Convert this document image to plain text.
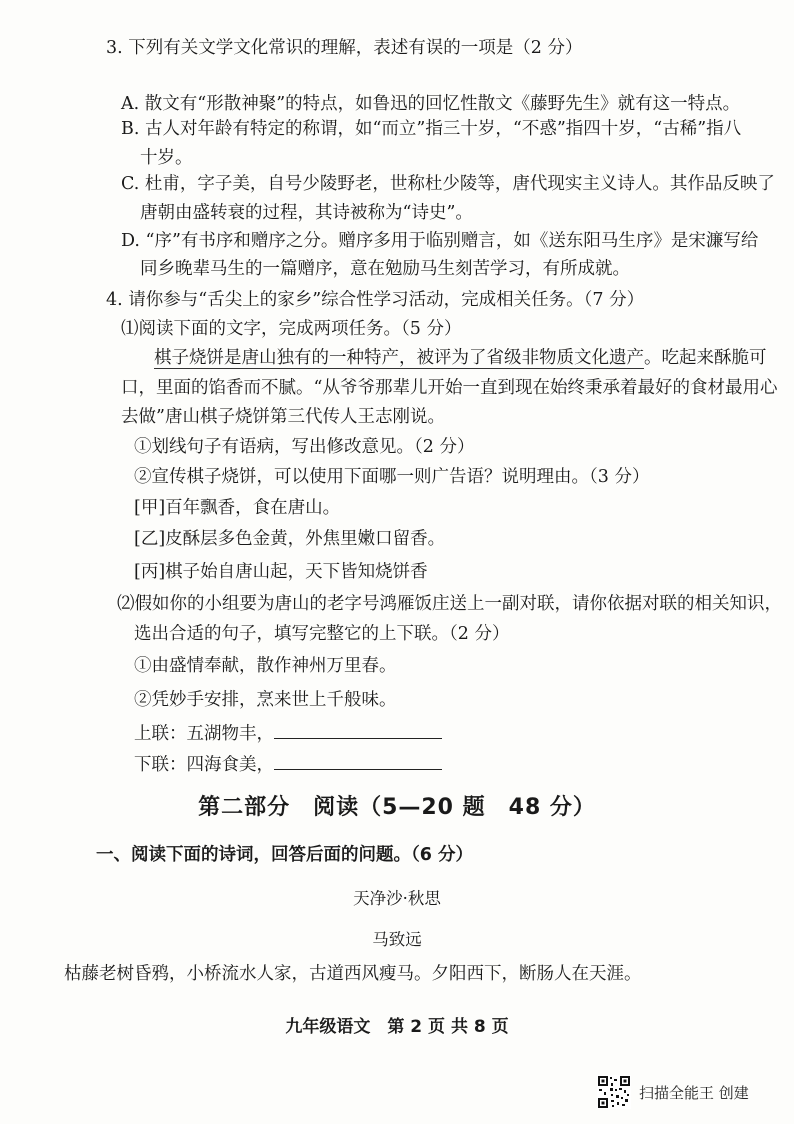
3. 下列有关文学文化常识的理解，表述有误的一项是（2 分）
A. 散文有“形散神聚”的特点，如鲁迅的回忆性散文《藤野先生》就有这一特点。
B. 古人对年龄有特定的称谓，如“而立”指三十岁，“不惑”指四十岁，“古稀”指八
十岁。
C. 杜甫，字子美，自号少陵野老，世称杜少陵等，唐代现实主义诗人。其作品反映了
唐朝由盛转衰的过程，其诗被称为“诗史”。
D. “序”有书序和赠序之分。赠序多用于临别赠言，如《送东阳马生序》是宋濂写给
同乡晚辈马生的一篇赠序，意在勉励马生刻苦学习，有所成就。
4. 请你参与“舌尖上的家乡”综合性学习活动，完成相关任务。（7 分）
⑴阅读下面的文字，完成两项任务。（5 分）
棋子烧饼是唐山独有的一种特产，被评为了省级非物质文化遗产。吃起来酥脆可
口，里面的馅香而不腻。“从爷爷那辈儿开始一直到现在始终秉承着最好的食材最用心
去做”唐山棋子烧饼第三代传人王志刚说。
①划线句子有语病，写出修改意见。（2 分）
②宣传棋子烧饼，可以使用下面哪一则广告语？说明理由。（3 分）
[甲]百年飘香，食在唐山。
[乙]皮酥层多色金黄，外焦里嫩口留香。
[丙]棋子始自唐山起，天下皆知烧饼香
⑵假如你的小组要为唐山的老字号鸿雁饭庄送上一副对联，请你依据对联的相关知识，
选出合适的句子，填写完整它的上下联。（2 分）
①由盛情奉献，散作神州万里春。
②凭妙手安排，烹来世上千般味。
上联：五湖物丰，
下联：四海食美，
第二部分　阅读（5—20 题　48 分）
一、阅读下面的诗词，回答后面的问题。（6 分）
天净沙·秋思
马致远
枯藤老树昏鸦，小桥流水人家，古道西风瘦马。夕阳西下，断肠人在天涯。
九年级语文　第 2 页 共 8 页
扫描全能王 创建
